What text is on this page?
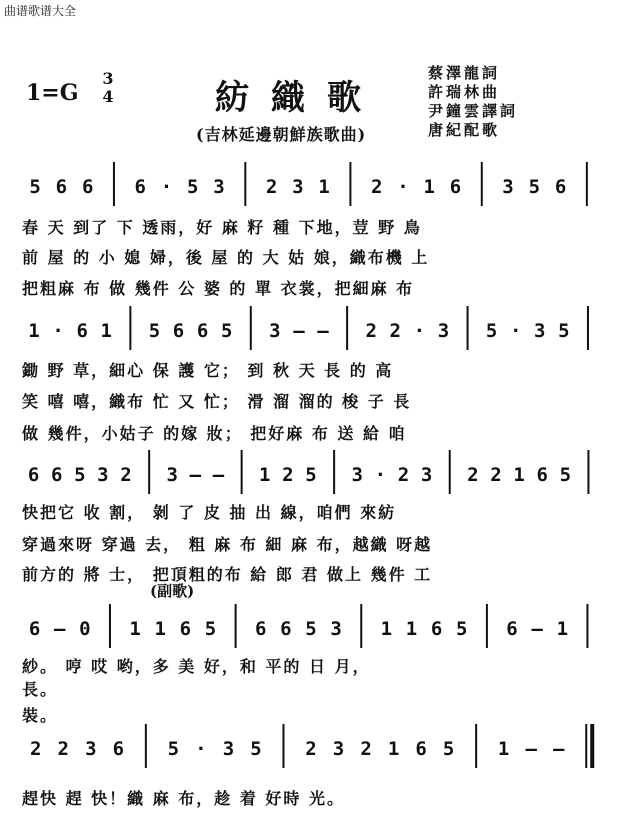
曲谱歌谱大全
1=G
3
4	紡織歌
(吉林延邊朝鮮族歌曲)
蔡澤龍詞
許瑞林曲
尹鐘雲譯詞
唐紀配歌
(副歌)
5 6 6 6 · 5 3 2 3 1 2 · 1 6 3 5 6
春 天 到了 下 透雨，好 麻 籽 種 下地，荳 野 鳥
前 屋 的 小 媳 婦，後 屋 的 大 姑 娘，織布機 上
把粗麻 布 做 幾件 公 婆 的 單 衣裳，把細麻 布
1 · 6 1 5 6 6 5 3 — — 2 2 · 3 5 · 3 5
鋤 野 草，細心 保 護 它； 到 秋 天 長 的 高
笑 嘻 嘻，織布 忙 又 忙； 滑 溜 溜的 梭 子 長
做 幾件，小姑子 的嫁 妝； 把好麻 布 送 給 咱
6 6 5 3 2 3 — — 1 2 5 3 · 2 3 2 2 1 6 5
快把它 收 割， 剝 了 皮 抽 出 線，咱們 來紡
穿過來呀 穿過 去， 粗 麻 布 細 麻 布，越織 呀越
前方的 將 士， 把頂粗的布 給 郎 君 做上 幾件 工
6 — 0 1 1 6 5 6 6 5 3 1 1 6 5 6 — 1
紗。 哼 哎 哟，多 美 好，和 平的 日 月，
長。
裝。
2 2 3 6 5 · 3 5 2 3 2 1 6 5 1 — —
趕快 趕 快！織 麻 布，趁 着 好時 光。
